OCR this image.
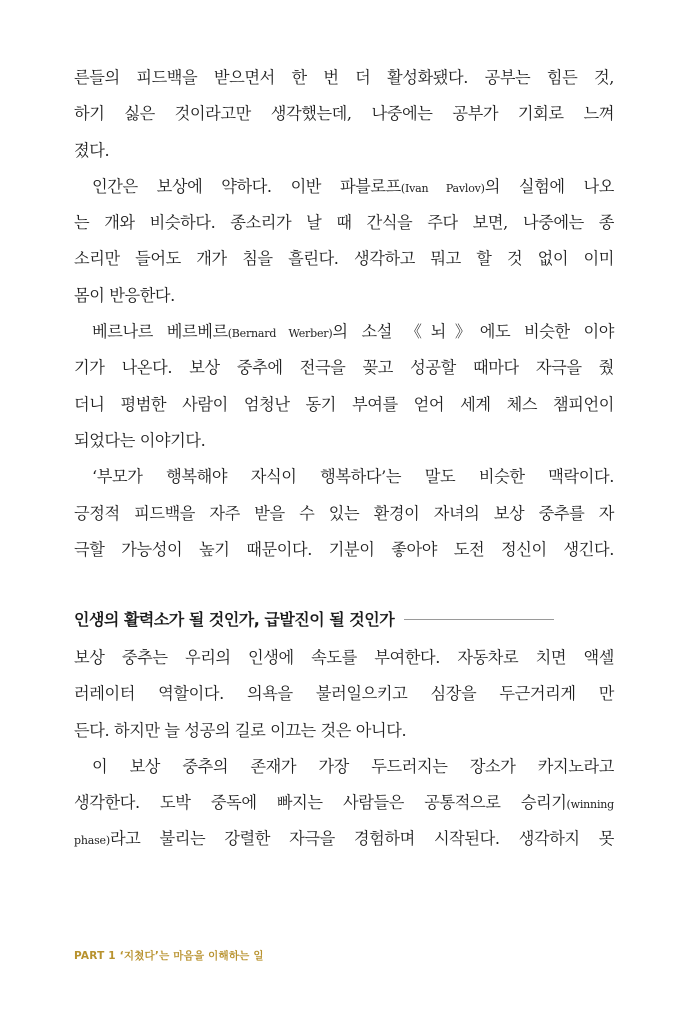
른들의 피드백을 받으면서 한 번 더 활성화됐다. 공부는 힘든 것,
하기 싫은 것이라고만 생각했는데, 나중에는 공부가 기회로 느껴
졌다.
인간은 보상에 약하다. 이반 파블로프(Ivan Pavlov)의 실험에 나오
는 개와 비슷하다. 종소리가 날 때 간식을 주다 보면, 나중에는 종
소리만 들어도 개가 침을 흘린다. 생각하고 뭐고 할 것 없이 이미
몸이 반응한다.
베르나르 베르베르(Bernard Werber)의 소설 《뇌》에도 비슷한 이야
기가 나온다. 보상 중추에 전극을 꽂고 성공할 때마다 자극을 줬
더니 평범한 사람이 엄청난 동기 부여를 얻어 세계 체스 챔피언이
되었다는 이야기다.
‘부모가 행복해야 자식이 행복하다’는 말도 비슷한 맥락이다.
긍정적 피드백을 자주 받을 수 있는 환경이 자녀의 보상 중추를 자
극할 가능성이 높기 때문이다. 기분이 좋아야 도전 정신이 생긴다.
인생의 활력소가 될 것인가, 급발진이 될 것인가
보상 중추는 우리의 인생에 속도를 부여한다. 자동차로 치면 액셀
러레이터 역할이다. 의욕을 불러일으키고 심장을 두근거리게 만
든다. 하지만 늘 성공의 길로 이끄는 것은 아니다.
이 보상 중추의 존재가 가장 두드러지는 장소가 카지노라고
생각한다. 도박 중독에 빠지는 사람들은 공통적으로 승리기(winning
phase)라고 불리는 강렬한 자극을 경험하며 시작된다. 생각하지 못
PART 1 ‘지쳤다’는 마음을 이해하는 일
